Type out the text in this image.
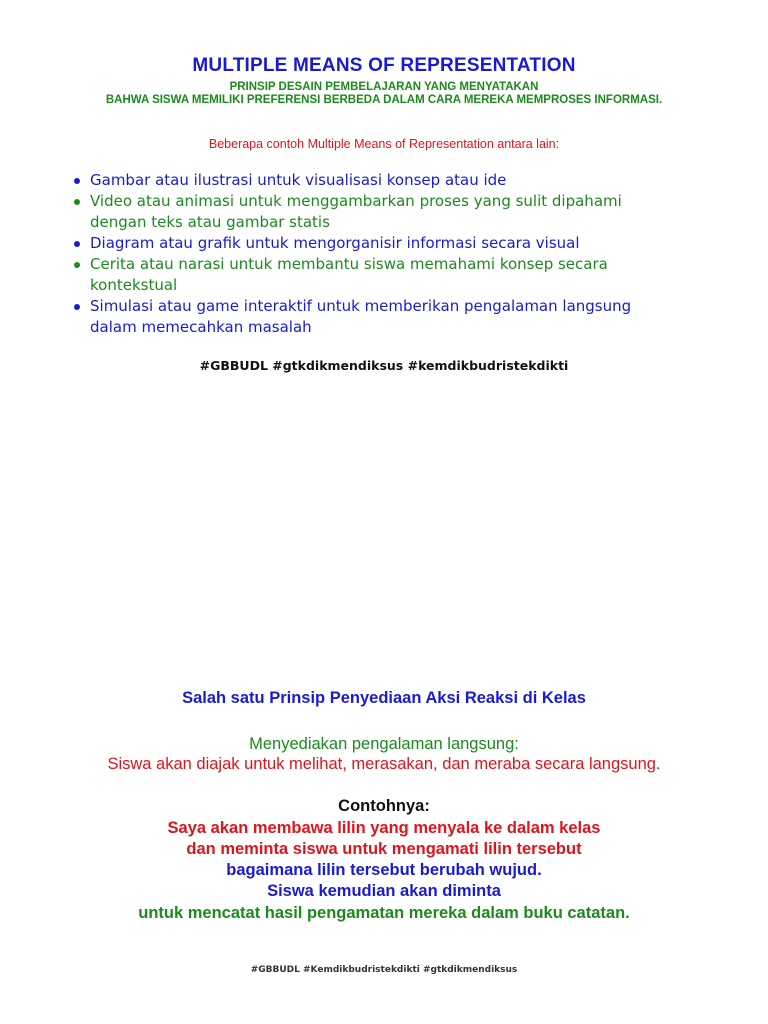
MULTIPLE MEANS OF REPRESENTATION
PRINSIP DESAIN PEMBELAJARAN YANG MENYATAKAN
BAHWA SISWA MEMILIKI PREFERENSI BERBEDA DALAM CARA MEREKA MEMPROSES INFORMASI.
Beberapa contoh Multiple Means of Representation antara lain:
Gambar atau ilustrasi untuk visualisasi konsep atau ide
Video atau animasi untuk menggambarkan proses yang sulit dipahami
dengan teks atau gambar statis
Diagram atau grafik untuk mengorganisir informasi secara visual
Cerita atau narasi untuk membantu siswa memahami konsep secara
kontekstual
Simulasi atau game interaktif untuk memberikan pengalaman langsung
dalam memecahkan masalah
#GBBUDL #gtkdikmendiksus #kemdikbudristekdikti
Salah satu Prinsip Penyediaan Aksi Reaksi di Kelas
Menyediakan pengalaman langsung:
Siswa akan diajak untuk melihat, merasakan, dan meraba secara langsung.
Contohnya:
Saya akan membawa lilin yang menyala ke dalam kelas
dan meminta siswa untuk mengamati lilin tersebut
bagaimana lilin tersebut berubah wujud.
Siswa kemudian akan diminta
untuk mencatat hasil pengamatan mereka dalam buku catatan.
#GBBUDL #Kemdikbudristekdikti #gtkdikmendiksus
